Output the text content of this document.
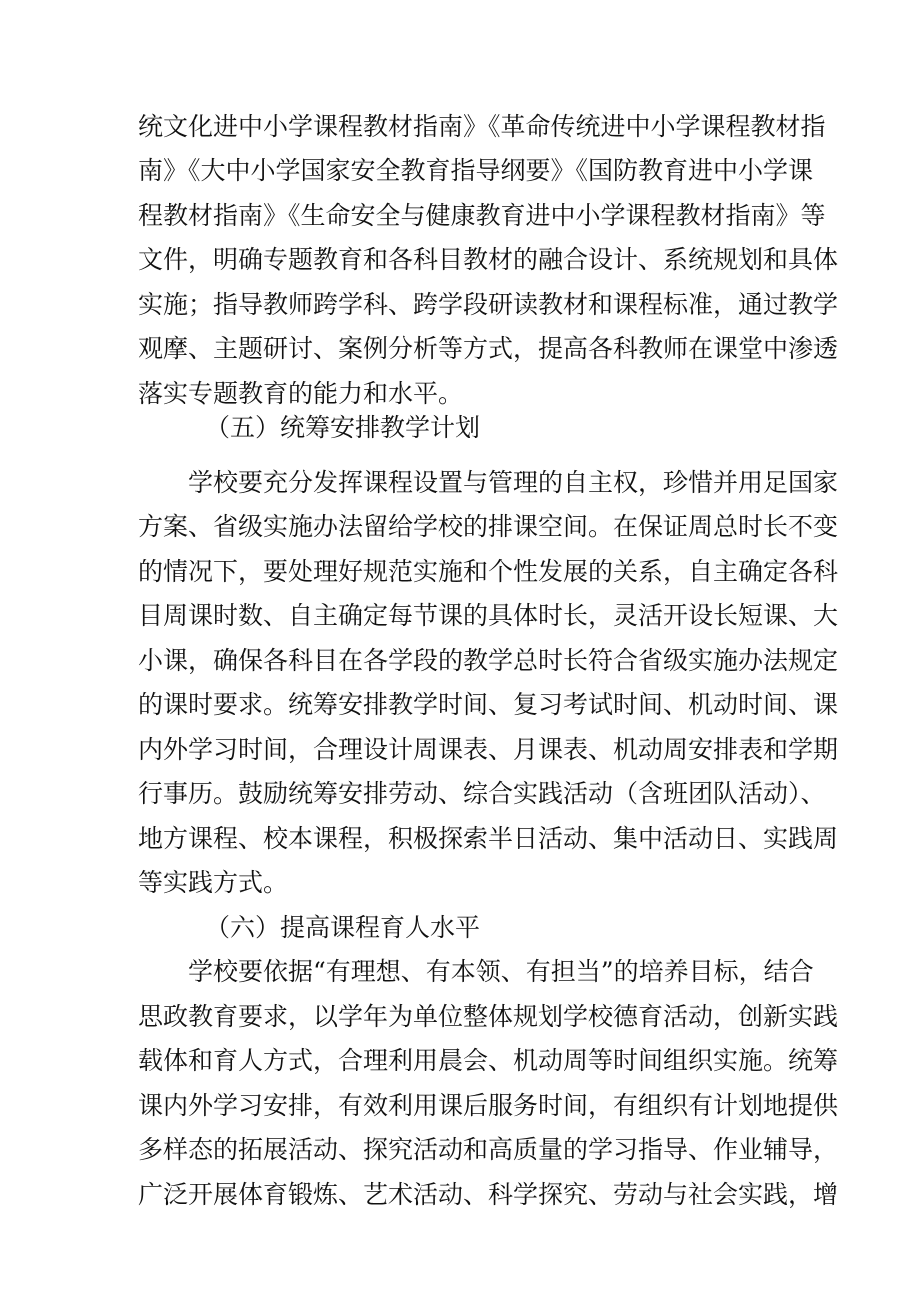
统文化进中小学课程教材指南》《革命传统进中小学课程教材指
南》《大中小学国家安全教育指导纲要》《国防教育进中小学课
程教材指南》《生命安全与健康教育进中小学课程教材指南》等
文件，明确专题教育和各科目教材的融合设计、系统规划和具体
实施；指导教师跨学科、跨学段研读教材和课程标准，通过教学
观摩、主题研讨、案例分析等方式，提高各科教师在课堂中渗透
落实专题教育的能力和水平。
（五）统筹安排教学计划
学校要充分发挥课程设置与管理的自主权，珍惜并用足国家
方案、省级实施办法留给学校的排课空间。在保证周总时长不变
的情况下，要处理好规范实施和个性发展的关系，自主确定各科
目周课时数、自主确定每节课的具体时长，灵活开设长短课、大
小课，确保各科目在各学段的教学总时长符合省级实施办法规定
的课时要求。统筹安排教学时间、复习考试时间、机动时间、课
内外学习时间，合理设计周课表、月课表、机动周安排表和学期
行事历。鼓励统筹安排劳动、综合实践活动（含班团队活动）、
地方课程、校本课程，积极探索半日活动、集中活动日、实践周
等实践方式。
（六）提高课程育人水平
学校要依据“有理想、有本领、有担当”的培养目标，结合
思政教育要求，以学年为单位整体规划学校德育活动，创新实践
载体和育人方式，合理利用晨会、机动周等时间组织实施。统筹
课内外学习安排，有效利用课后服务时间，有组织有计划地提供
多样态的拓展活动、探究活动和高质量的学习指导、作业辅导，
广泛开展体育锻炼、艺术活动、科学探究、劳动与社会实践，增
